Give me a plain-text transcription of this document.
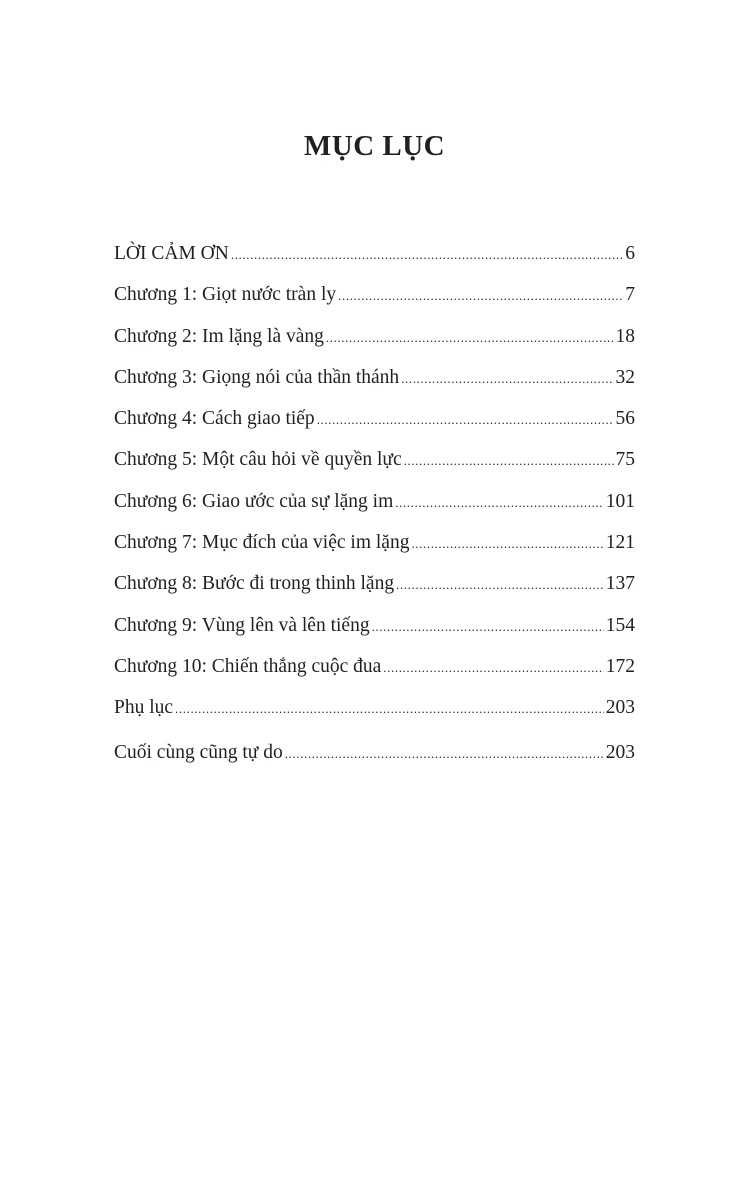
MỤC LỤC
LỜI CẢM ƠN .....	6
Chương 1: Giọt nước tràn ly .....	7
Chương 2: Im lặng là vàng .....	18
Chương 3: Giọng nói của thần thánh .....	32
Chương 4: Cách giao tiếp .....	56
Chương 5: Một câu hỏi về quyền lực .....	75
Chương 6: Giao ước của sự lặng im .....	101
Chương 7: Mục đích của việc im lặng .....	121
Chương 8: Bước đi trong thinh lặng .....	137
Chương 9: Vùng lên và lên tiếng .....	154
Chương 10: Chiến thắng cuộc đua .....	172
Phụ lục .....	203
Cuối cùng cũng tự do .....	203
